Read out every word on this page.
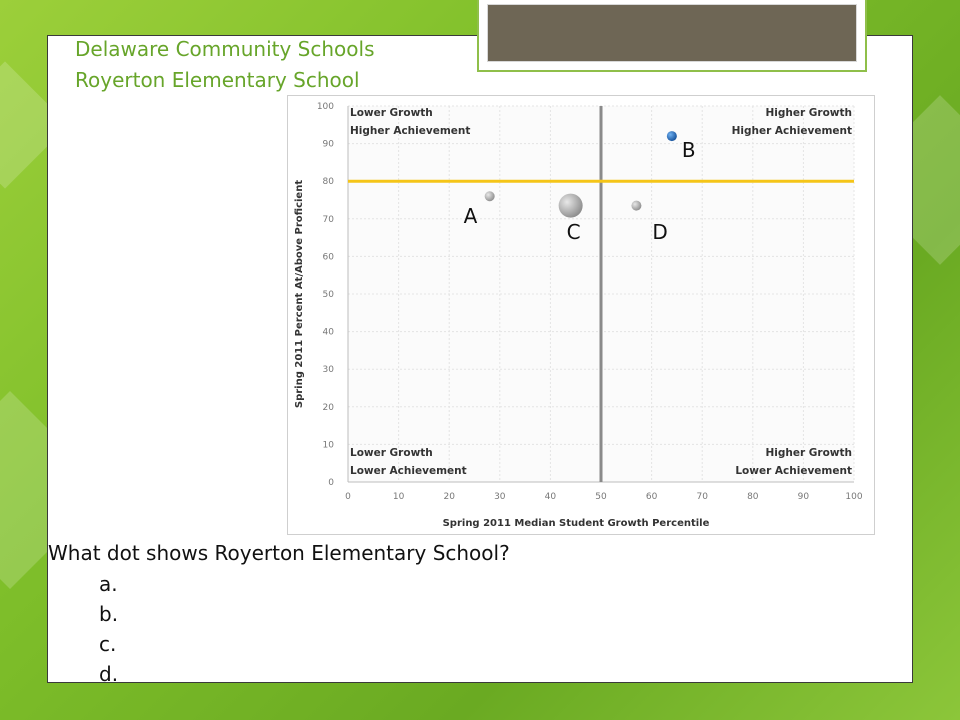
Delaware Community Schools
Royerton Elementary School
0
10
20
30
40
50
60
70
80
90
100
0	10	20	30	40	50	60	70	80	90	100
Spring 2011 Median Student Growth Percentile
Spring 2011 Percent At/Above Proficient
Lower Growth
Higher Achievement
Higher Growth
Higher Achievement
Lower Growth
Lower Achievement
Higher Growth
Lower Achievement
A
B
C	D
What dot shows Royerton Elementary School?
a.
b.
c.
d.
